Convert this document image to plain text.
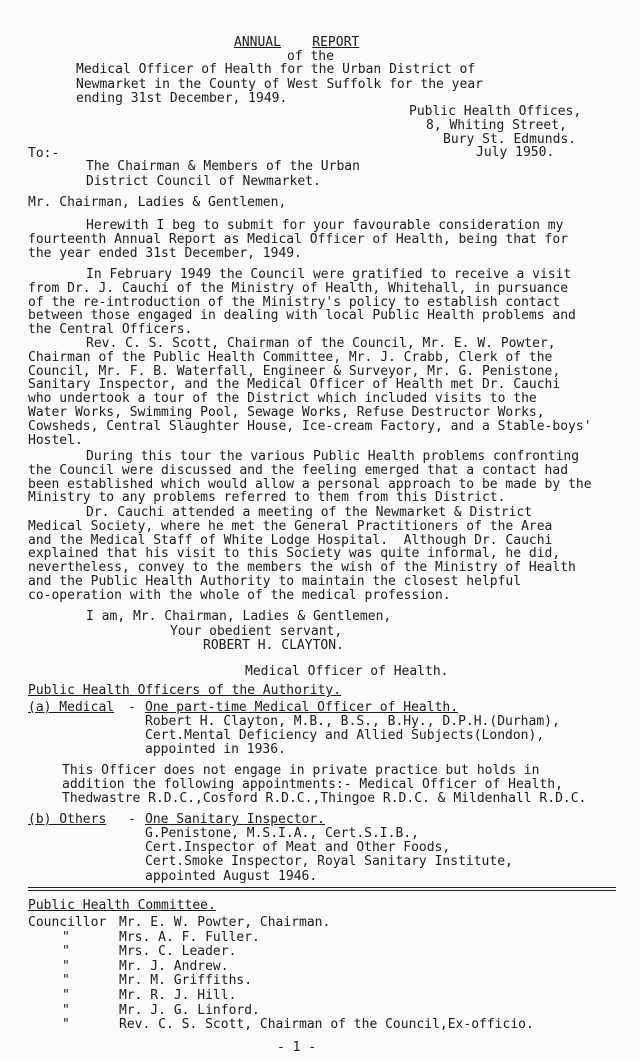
ANNUAL REPORT
of the
Medical Officer of Health for the Urban District of
Newmarket in the County of West Suffolk for the year
ending 31st December, 1949.
Public Health Offices,
8, Whiting Street,
Bury St. Edmunds.
July 1950.
To:-
The Chairman & Members of the Urban
District Council of Newmarket.
Mr. Chairman, Ladies & Gentlemen,
Herewith I beg to submit for your favourable consideration my
fourteenth Annual Report as Medical Officer of Health, being that for
the year ended 31st December, 1949.
In February 1949 the Council were gratified to receive a visit
from Dr. J. Cauchi of the Ministry of Health, Whitehall, in pursuance
of the re-introduction of the Ministry's policy to establish contact
between those engaged in dealing with local Public Health problems and
the Central Officers.
Rev. C. S. Scott, Chairman of the Council, Mr. E. W. Powter,
Chairman of the Public Health Committee, Mr. J. Crabb, Clerk of the
Council, Mr. F. B. Waterfall, Engineer & Surveyor, Mr. G. Penistone,
Sanitary Inspector, and the Medical Officer of Health met Dr. Cauchi
who undertook a tour of the District which included visits to the
Water Works, Swimming Pool, Sewage Works, Refuse Destructor Works,
Cowsheds, Central Slaughter House, Ice-cream Factory, and a Stable-boys'
Hostel.
During this tour the various Public Health problems confronting
the Council were discussed and the feeling emerged that a contact had
been established which would allow a personal approach to be made by the
Ministry to any problems referred to them from this District.
Dr. Cauchi attended a meeting of the Newmarket & District
Medical Society, where he met the General Practitioners of the Area
and the Medical Staff of White Lodge Hospital.  Although Dr. Cauchi
explained that his visit to this Society was quite informal, he did,
nevertheless, convey to the members the wish of the Ministry of Health
and the Public Health Authority to maintain the closest helpful
co-operation with the whole of the medical profession.
I am, Mr. Chairman, Ladies & Gentlemen,
Your obedient servant,
ROBERT H. CLAYTON.
Medical Officer of Health.
Public Health Officers of the Authority.
(a) Medical - One part-time Medical Officer of Health.
Robert H. Clayton, M.B., B.S., B.Hy., D.P.H.(Durham),
Cert.Mental Deficiency and Allied Subjects(London),
appointed in 1936.
This Officer does not engage in private practice but holds in
addition the following appointments:- Medical Officer of Health,
Thedwastre R.D.C.,Cosford R.D.C.,Thingoe R.D.C. & Mildenhall R.D.C.
(b) Others - One Sanitary Inspector.
G.Penistone, M.S.I.A., Cert.S.I.B.,
Cert.Inspector of Meat and Other Foods,
Cert.Smoke Inspector, Royal Sanitary Institute,
appointed August 1946.
Public Health Committee.
Councillor Mr. E. W. Powter, Chairman.
"	Mrs. A. F. Fuller.
"	Mrs. C. Leader.
"	Mr. J. Andrew.
"	Mr. M. Griffiths.
"	Mr. R. J. Hill.
"	Mr. J. G. Linford.
"	Rev. C. S. Scott, Chairman of the Council,Ex-officio.
- 1 -
